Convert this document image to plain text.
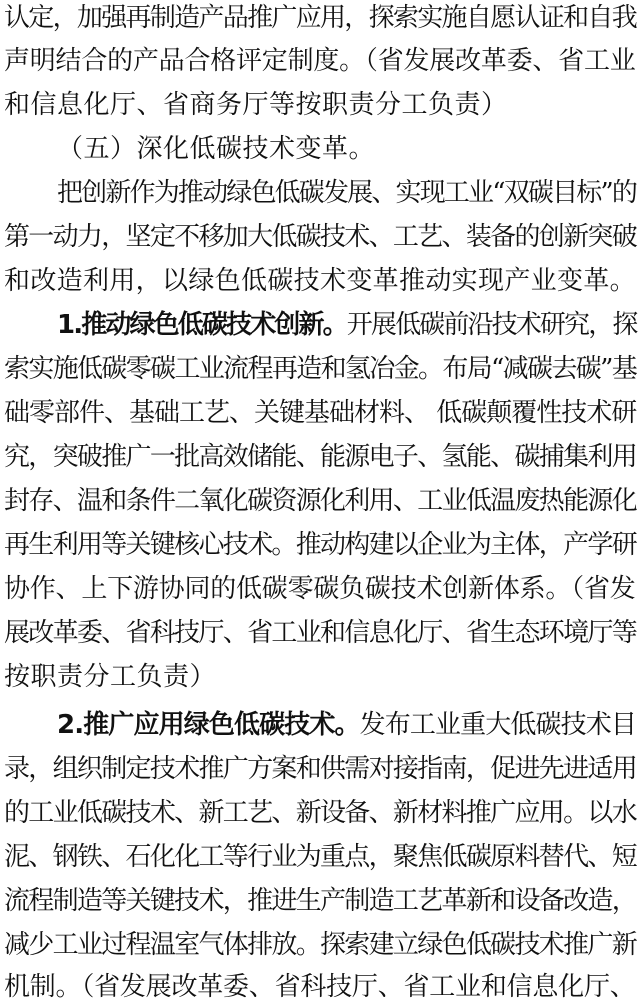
认定，加强再制造产品推广应用，探索实施自愿认证和自我
声明结合的产品合格评定制度。（省发展改革委、省工业
和信息化厅、省商务厅等按职责分工负责）
（五）深化低碳技术变革。
把创新作为推动绿色低碳发展、实现工业“双碳目标”的
第一动力，坚定不移加大低碳技术、工艺、装备的创新突破
和改造利用，以绿色低碳技术变革推动实现产业变革。
1.推动绿色低碳技术创新。开展低碳前沿技术研究，探
索实施低碳零碳工业流程再造和氢冶金。布局“减碳去碳”基
础零部件、基础工艺、关键基础材料、 低碳颠覆性技术研
究，突破推广一批高效储能、能源电子、氢能、碳捕集利用
封存、温和条件二氧化碳资源化利用、工业低温废热能源化
再生利用等关键核心技术。推动构建以企业为主体，产学研
协作、上下游协同的低碳零碳负碳技术创新体系。（省发
展改革委、省科技厅、省工业和信息化厅、省生态环境厅等
按职责分工负责）
2.推广应用绿色低碳技术。发布工业重大低碳技术目
录，组织制定技术推广方案和供需对接指南，促进先进适用
的工业低碳技术、新工艺、新设备、新材料推广应用。以水
泥、钢铁、石化化工等行业为重点，聚焦低碳原料替代、短
流程制造等关键技术，推进生产制造工艺革新和设备改造，
减少工业过程温室气体排放。探索建立绿色低碳技术推广新
机制。（省发展改革委、省科技厅、省工业和信息化厅、
